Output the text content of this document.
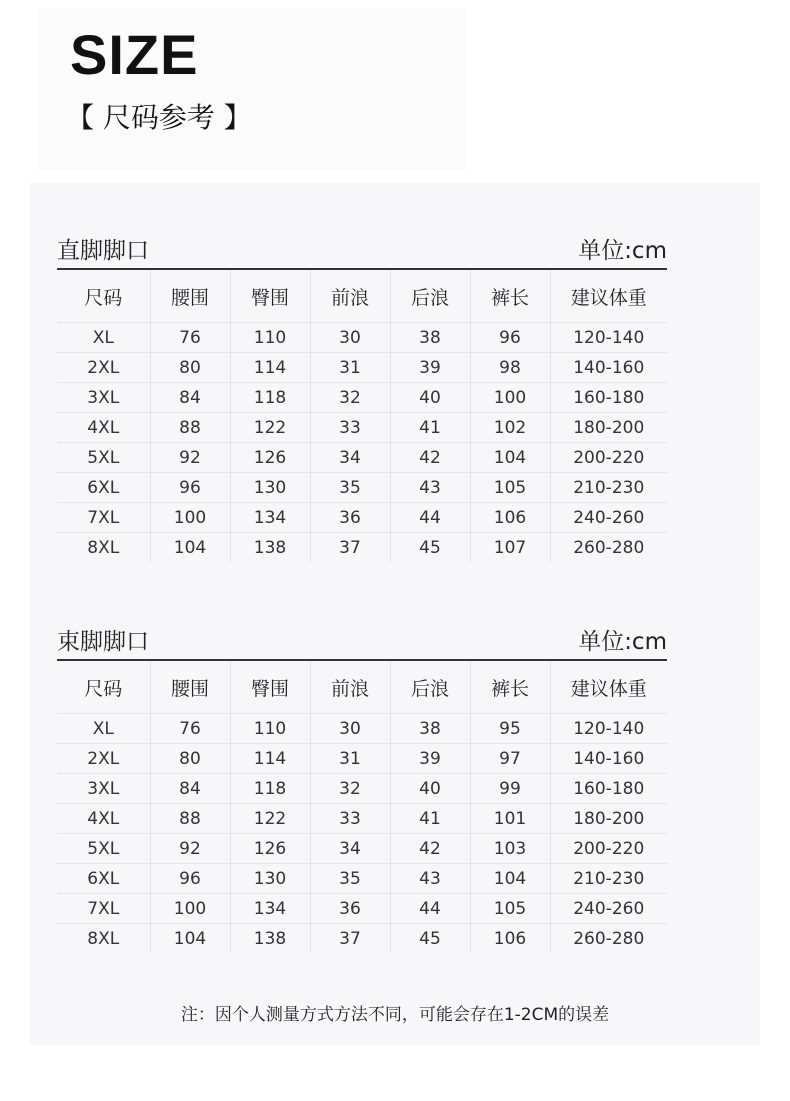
SIZE
【 尺码参考 】
直脚脚口	单位:cm
尺码	腰围	臀围	前浪	后浪	裤长	建议体重
XL	76	110	30	38	96	120-140
2XL	80	114	31	39	98	140-160
3XL	84	118	32	40	100	160-180
4XL	88	122	33	41	102	180-200
5XL	92	126	34	42	104	200-220
6XL	96	130	35	43	105	210-230
7XL	100	134	36	44	106	240-260
8XL	104	138	37	45	107	260-280
束脚脚口	单位:cm
尺码	腰围	臀围	前浪	后浪	裤长	建议体重
XL	76	110	30	38	95	120-140
2XL	80	114	31	39	97	140-160
3XL	84	118	32	40	99	160-180
4XL	88	122	33	41	101	180-200
5XL	92	126	34	42	103	200-220
6XL	96	130	35	43	104	210-230
7XL	100	134	36	44	105	240-260
8XL	104	138	37	45	106	260-280
注：因个人测量方式方法不同，可能会存在1-2CM的误差
